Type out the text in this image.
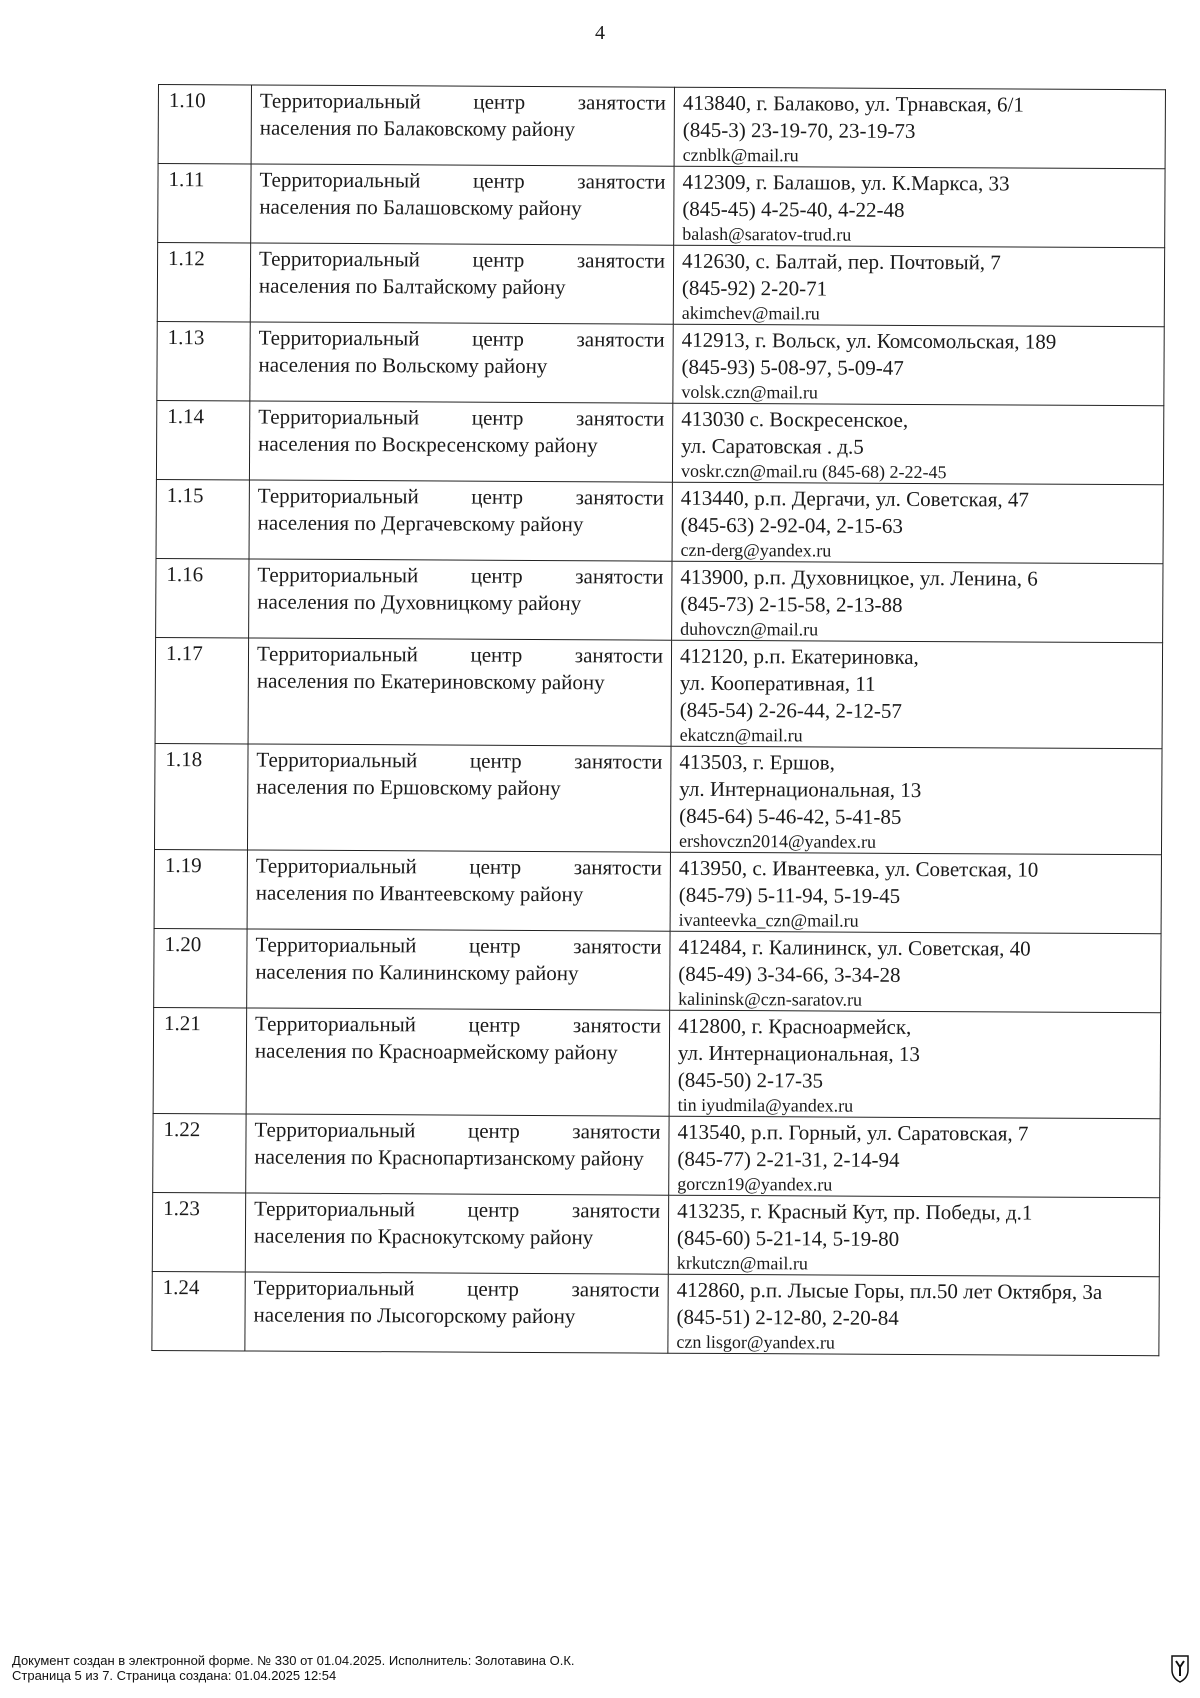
4
1.10	Территориальный центр занятости населения по Балаковскому району	413840, г. Балаково, ул. Трнавская, 6/1
(845-3) 23-19-70, 23-19-73
cznblk@mail.ru

1.11	Территориальный центр занятости населения по Балашовскому району	412309, г. Балашов, ул. К.Маркса, 33
(845-45) 4-25-40, 4-22-48
balash@saratov-trud.ru

1.12	Территориальный центр занятости населения по Балтайскому району	412630, с. Балтай, пер. Почтовый, 7
(845-92) 2-20-71
akimchev@mail.ru

1.13	Территориальный центр занятости населения по Вольскому району	412913, г. Вольск, ул. Комсомольская, 189
(845-93) 5-08-97, 5-09-47
volsk.czn@mail.ru

1.14	Территориальный центр занятости населения по Воскресенскому району	413030 с. Воскресенское,
ул. Саратовская . д.5
voskr.czn@mail.ru (845-68) 2-22-45

1.15	Территориальный центр занятости населения по Дергачевскому району	413440, р.п. Дергачи, ул. Советская, 47
(845-63) 2-92-04, 2-15-63
czn-derg@yandex.ru

1.16	Территориальный центр занятости населения по Духовницкому району	413900, р.п. Духовницкое, ул. Ленина, 6
(845-73) 2-15-58, 2-13-88
duhovczn@mail.ru

1.17	Территориальный центр занятости населения по Екатериновскому району	412120, р.п. Екатериновка,
ул. Кооперативная, 11
(845-54) 2-26-44, 2-12-57
ekatczn@mail.ru

1.18	Территориальный центр занятости населения по Ершовскому району	413503, г. Ершов,
ул. Интернациональная, 13
(845-64) 5-46-42, 5-41-85
ershovczn2014@yandex.ru

1.19	Территориальный центр занятости населения по Ивантеевскому району	413950, с. Ивантеевка, ул. Советская, 10
(845-79) 5-11-94, 5-19-45
ivanteevka_czn@mail.ru

1.20	Территориальный центр занятости населения по Калининскому району	412484, г. Калининск, ул. Советская, 40
(845-49) 3-34-66, 3-34-28
kalininsk@czn-saratov.ru

1.21	Территориальный центр занятости населения по Красноармейскому району	412800, г. Красноармейск,
ул. Интернациональная, 13
(845-50) 2-17-35
tin iyudmila@yandex.ru

1.22	Территориальный центр занятости населения по Краснопартизанскому району	413540, р.п. Горный, ул. Саратовская, 7
(845-77) 2-21-31, 2-14-94
gorczn19@yandex.ru

1.23	Территориальный центр занятости населения по Краснокутскому району	413235, г. Красный Кут, пр. Победы, д.1
(845-60) 5-21-14, 5-19-80
krkutczn@mail.ru

1.24	Территориальный центр занятости населения по Лысогорскому району	412860, р.п. Лысые Горы, пл.50 лет Октября, 3а
(845-51) 2-12-80, 2-20-84
czn lisgor@yandex.ru
Документ создан в электронной форме. № 330 от 01.04.2025. Исполнитель: Золотавина О.К.
Страница 5 из 7. Страница создана: 01.04.2025 12:54
